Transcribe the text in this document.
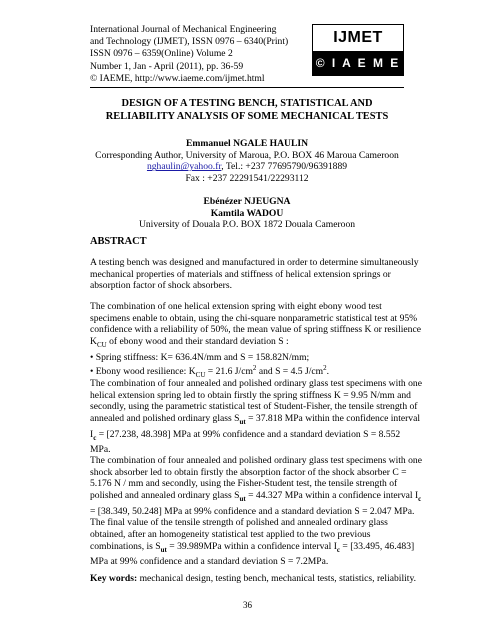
International Journal of Mechanical Engineering
and Technology (IJMET), ISSN 0976 – 6340(Print)
ISSN 0976 – 6359(Online) Volume 2
Number 1, Jan - April (2011), pp. 36-59
© IAEME, http://www.iaeme.com/ijmet.html
IJMET
© I A E M E
DESIGN OF A TESTING BENCH, STATISTICAL AND
RELIABILITY ANALYSIS OF SOME MECHANICAL TESTS
Emmanuel NGALE HAULIN
Corresponding Author, University of Maroua, P.O. BOX 46 Maroua Cameroon
nghaulin@yahoo.fr, Tel.: +237 77695790/96391889
Fax : +237 22291541/22293112
Ebénézer NJEUGNA
Kamtila WADOU
University of Douala P.O. BOX 1872 Douala Cameroon
ABSTRACT
A testing bench was designed and manufactured in order to determine simultaneously
mechanical properties of materials and stiffness of helical extension springs or
absorption factor of shock absorbers.
The combination of one helical extension spring with eight ebony wood test
specimens enable to obtain, using the chi-square nonparametric statistical test at 95%
confidence with a reliability of 50%, the mean value of spring stiffness K or resilience
$K_{CU}$ of ebony wood and their standard deviation S :
• Spring stiffness: K= 636.4N/mm and S = 158.82N/mm;
• Ebony wood resilience: $K_{CU} = 21.6$ $J/cm^2$ and S = 4.5 $J/cm^2$.
The combination of four annealed and polished ordinary glass test specimens with one
helical extension spring led to obtain firstly the spring stiffness K = 9.95 N/mm and
secondly, using the parametric statistical test of Student-Fisher, the tensile strength of
annealed and polished ordinary glass $S_{ut} = 37.818$ MPa within the confidence interval
$I_c = [27.238$, 48.398] MPa at 99% confidence and a standard deviation S = 8.552
MPa.
The combination of four annealed and polished ordinary glass test specimens with one
shock absorber led to obtain firstly the absorption factor of the shock absorber C =
5.176 N / mm and secondly, using the Fisher-Student test, the tensile strength of
polished and annealed ordinary glass $S_{ut} = 44.327$ MPa within a confidence interval $I_c$
= [38.349, 50.248] MPa at 99% confidence and a standard deviation S = 2.047 MPa.
The final value of the tensile strength of polished and annealed ordinary glass
obtained, after an homogeneity statistical test applied to the two previous
combinations, is $S_{ut} = 39.989MPa$ within a confidence interval $I_c = [33.495$, 46.483]
MPa at 99% confidence and a standard deviation S = 7.2MPa.
Key words: mechanical design, testing bench, mechanical tests, statistics, reliability.
36
